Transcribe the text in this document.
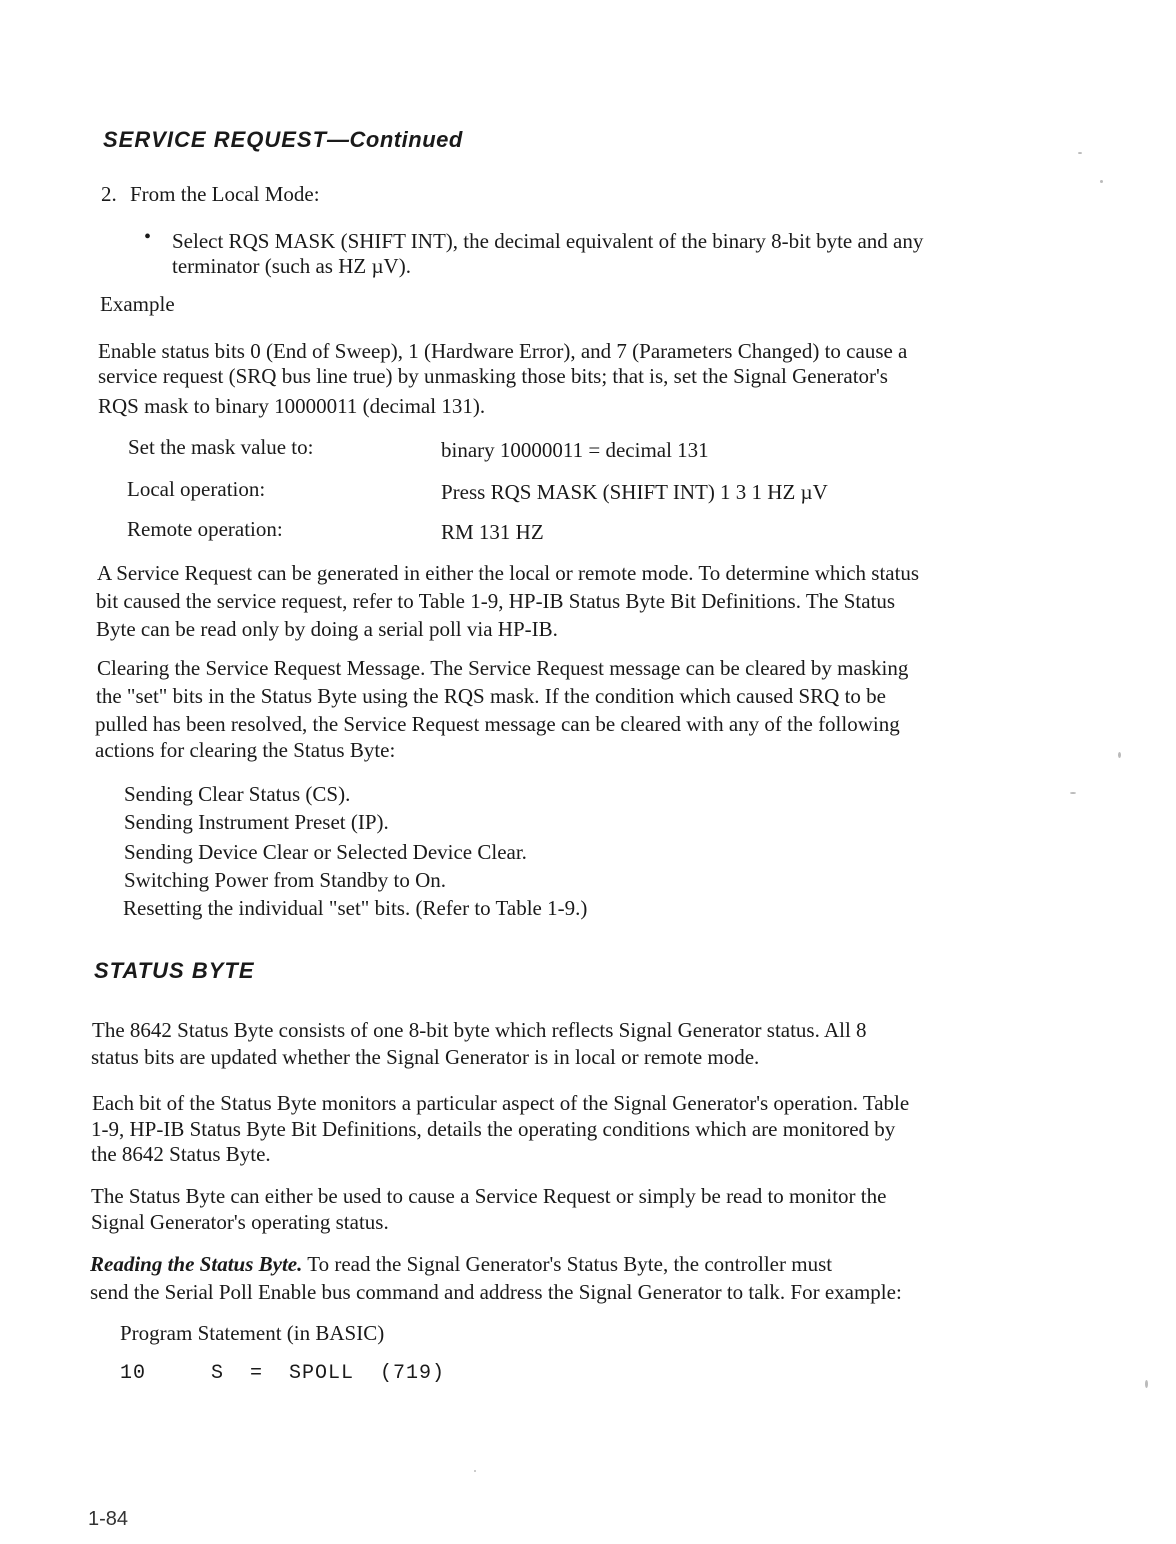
SERVICE REQUEST—Continued
2. From the Local Mode:
• Select RQS MASK (SHIFT INT), the decimal equivalent of the binary 8-bit byte and any
terminator (such as HZ µV).
Example
Enable status bits 0 (End of Sweep), 1 (Hardware Error), and 7 (Parameters Changed) to cause a
service request (SRQ bus line true) by unmasking those bits; that is, set the Signal Generator's
RQS mask to binary 10000011 (decimal 131).
Set the mask value to:	binary 10000011 = decimal 131
Local operation:	Press RQS MASK (SHIFT INT) 1 3 1 HZ µV
Remote operation:	RM 131 HZ
A Service Request can be generated in either the local or remote mode. To determine which status
bit caused the service request, refer to Table 1-9, HP-IB Status Byte Bit Definitions. The Status
Byte can be read only by doing a serial poll via HP-IB.
Clearing the Service Request Message. The Service Request message can be cleared by masking
the "set" bits in the Status Byte using the RQS mask. If the condition which caused SRQ to be
pulled has been resolved, the Service Request message can be cleared with any of the following
actions for clearing the Status Byte:
Sending Clear Status (CS).
Sending Instrument Preset (IP).
Sending Device Clear or Selected Device Clear.
Switching Power from Standby to On.
Resetting the individual "set" bits. (Refer to Table 1-9.)
STATUS BYTE
The 8642 Status Byte consists of one 8-bit byte which reflects Signal Generator status. All 8
status bits are updated whether the Signal Generator is in local or remote mode.
Each bit of the Status Byte monitors a particular aspect of the Signal Generator's operation. Table
1-9, HP-IB Status Byte Bit Definitions, details the operating conditions which are monitored by
the 8642 Status Byte.
The Status Byte can either be used to cause a Service Request or simply be read to monitor the
Signal Generator's operating status.
Reading the Status Byte. To read the Signal Generator's Status Byte, the controller must
send the Serial Poll Enable bus command and address the Signal Generator to talk. For example:
Program Statement (in BASIC)
10     S  =  SPOLL  (719)
1-84
